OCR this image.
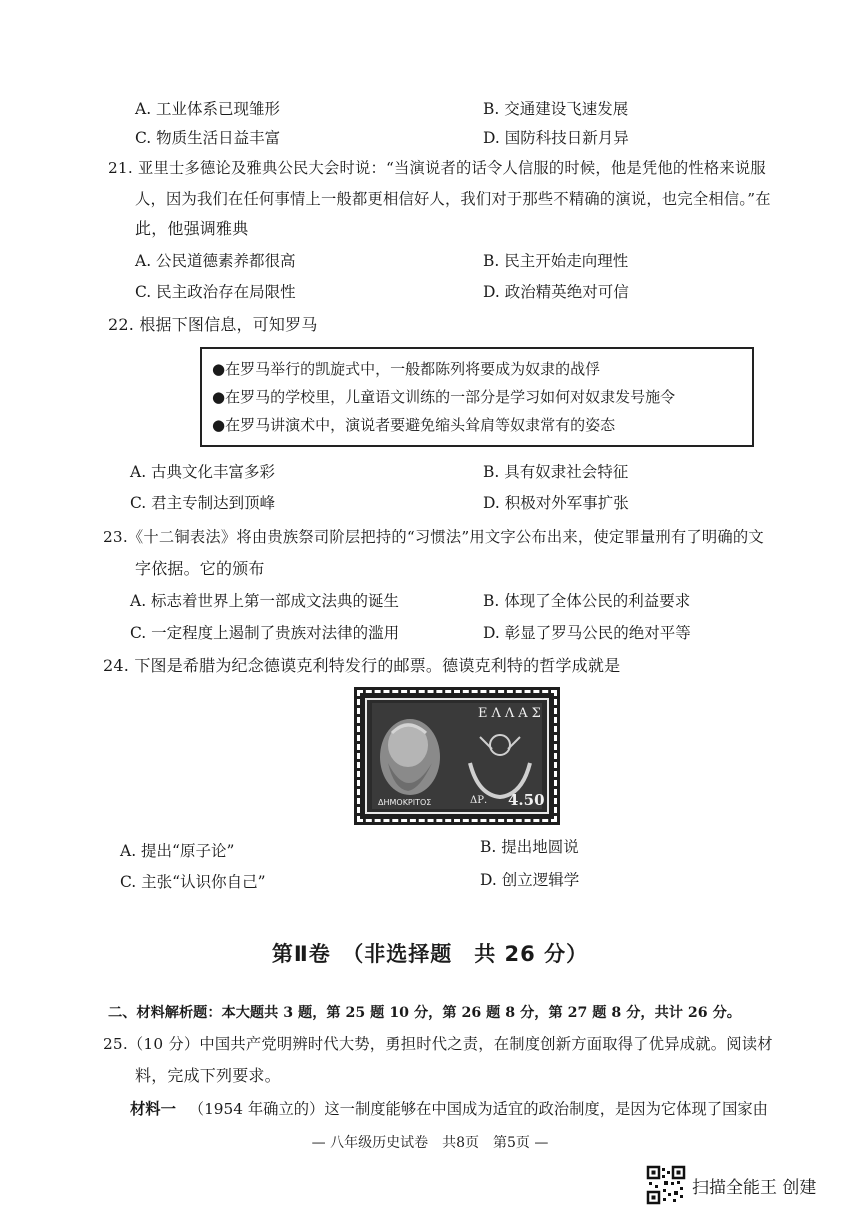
A. 工业体系已现雏形	B. 交通建设飞速发展
C. 物质生活日益丰富	D. 国防科技日新月异
21. 亚里士多德论及雅典公民大会时说：“当演说者的话令人信服的时候，他是凭他的性格来说服
人，因为我们在任何事情上一般都更相信好人，我们对于那些不精确的演说，也完全相信。”在
此，他强调雅典
A. 公民道德素养都很高	B. 民主开始走向理性
C. 民主政治存在局限性	D. 政治精英绝对可信
22. 根据下图信息，可知罗马
●在罗马举行的凯旋式中，一般都陈列将要成为奴隶的战俘
●在罗马的学校里，儿童语文训练的一部分是学习如何对奴隶发号施令
●在罗马讲演术中，演说者要避免缩头耸肩等奴隶常有的姿态
A. 古典文化丰富多彩	B. 具有奴隶社会特征
C. 君主专制达到顶峰	D. 积极对外军事扩张
23.《十二铜表法》将由贵族祭司阶层把持的“习惯法”用文字公布出来，使定罪量刑有了明确的文
字依据。它的颁布
A. 标志着世界上第一部成文法典的诞生	B. 体现了全体公民的利益要求
C. 一定程度上遏制了贵族对法律的滥用	D. 彰显了罗马公民的绝对平等
24. 下图是希腊为纪念德谟克利特发行的邮票。德谟克利特的哲学成就是
ΕΛΛΑΣ
ΔΗΜΟΚΡΙΤΟΣ	ΔΡ. 4.50
A. 提出“原子论”	B. 提出地圆说
C. 主张“认识你自己”	D. 创立逻辑学
第Ⅱ卷　（非选择题　共 26 分）
二、材料解析题：本大题共 3 题，第 25 题 10 分，第 26 题 8 分，第 27 题 8 分，共计 26 分。
25.（10 分）中国共产党明辨时代大势，勇担时代之责，在制度创新方面取得了优异成就。阅读材
料，完成下列要求。
材料一 （1954 年确立的）这一制度能够在中国成为适宜的政治制度，是因为它体现了国家由
— 八年级历史试卷　共8页　第5页 —
扫描全能王 创建
